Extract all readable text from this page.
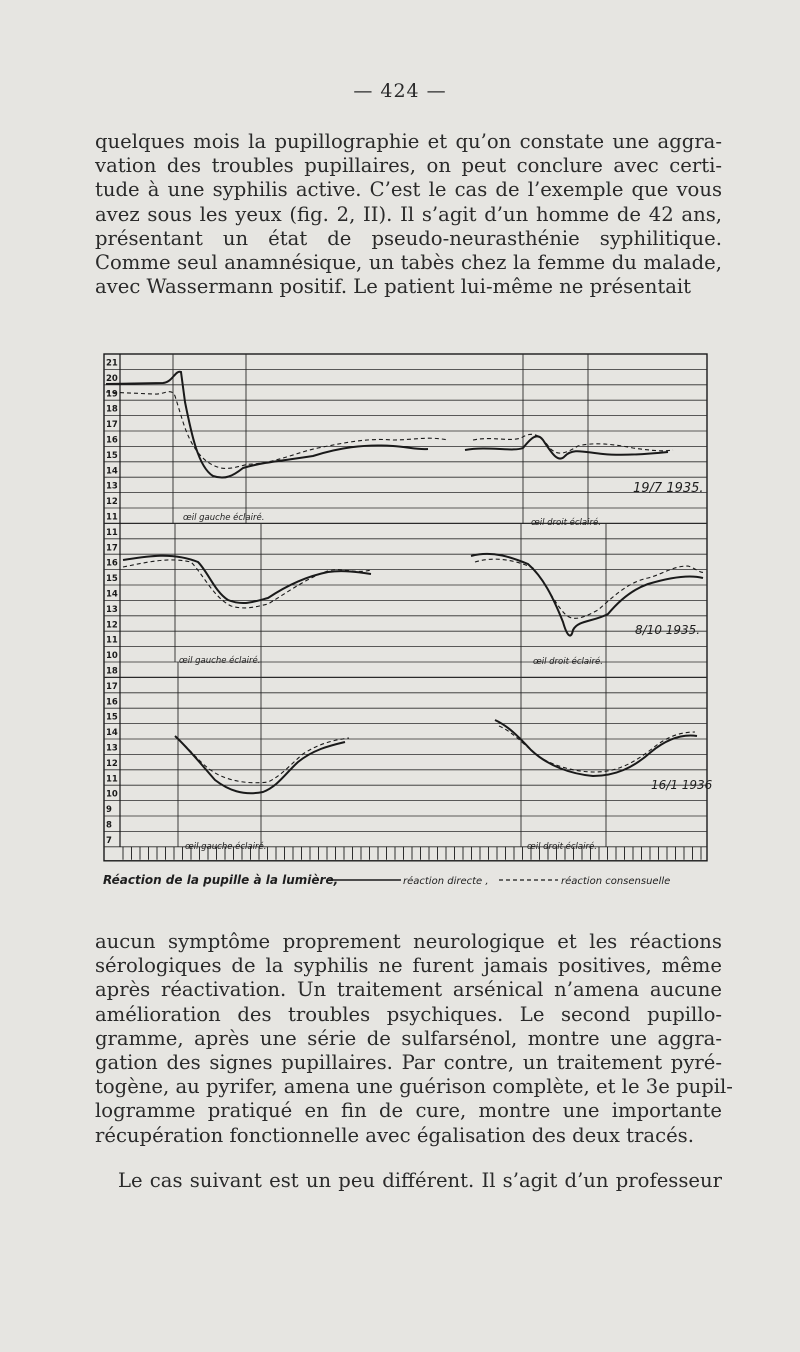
— 424 —

quelques mois la pupillographie et qu’on constate une aggra-
vation des troubles pupillaires, on peut conclure avec certi-
tude à une syphilis active. C’est le cas de l’exemple que vous
avez sous les yeux (fig. 2, II). Il s’agit d’un homme de 42 ans,
présentant un état de pseudo-neurasthénie syphilitique.
Comme seul anamnésique, un tabès chez la femme du malade,
avec Wassermann positif. Le patient lui-même ne présentait

21
20
19
18
17
16
15
14
13
12
11
11
17
16
15
14
13
12
11
10
18
17
16
15
14
13
12
11
10
9
8
7
19/7 1935.
œil gauche éclairé.	œil droit éclairé.
8/10 1935.
œil gauche éclairé.	œil droit éclairé.
16/1 1936
œil gauche éclairé.	œil droit éclairé.
Réaction de la pupille à la lumière,	réaction directe ,	réaction consensuelle

aucun symptôme proprement neurologique et les réactions
sérologiques de la syphilis ne furent jamais positives, même
après réactivation. Un traitement arsénical n’amena aucune
amélioration des troubles psychiques. Le second pupillo-
gramme, après une série de sulfarsénol, montre une aggra-
gation des signes pupillaires. Par contre, un traitement pyré-
togène, au pyrifer, amena une guérison complète, et le 3e pupil-
logramme pratiqué en fin de cure, montre une importante
récupération fonctionnelle avec égalisation des deux tracés.

Le cas suivant est un peu différent. Il s’agit d’un professeur
